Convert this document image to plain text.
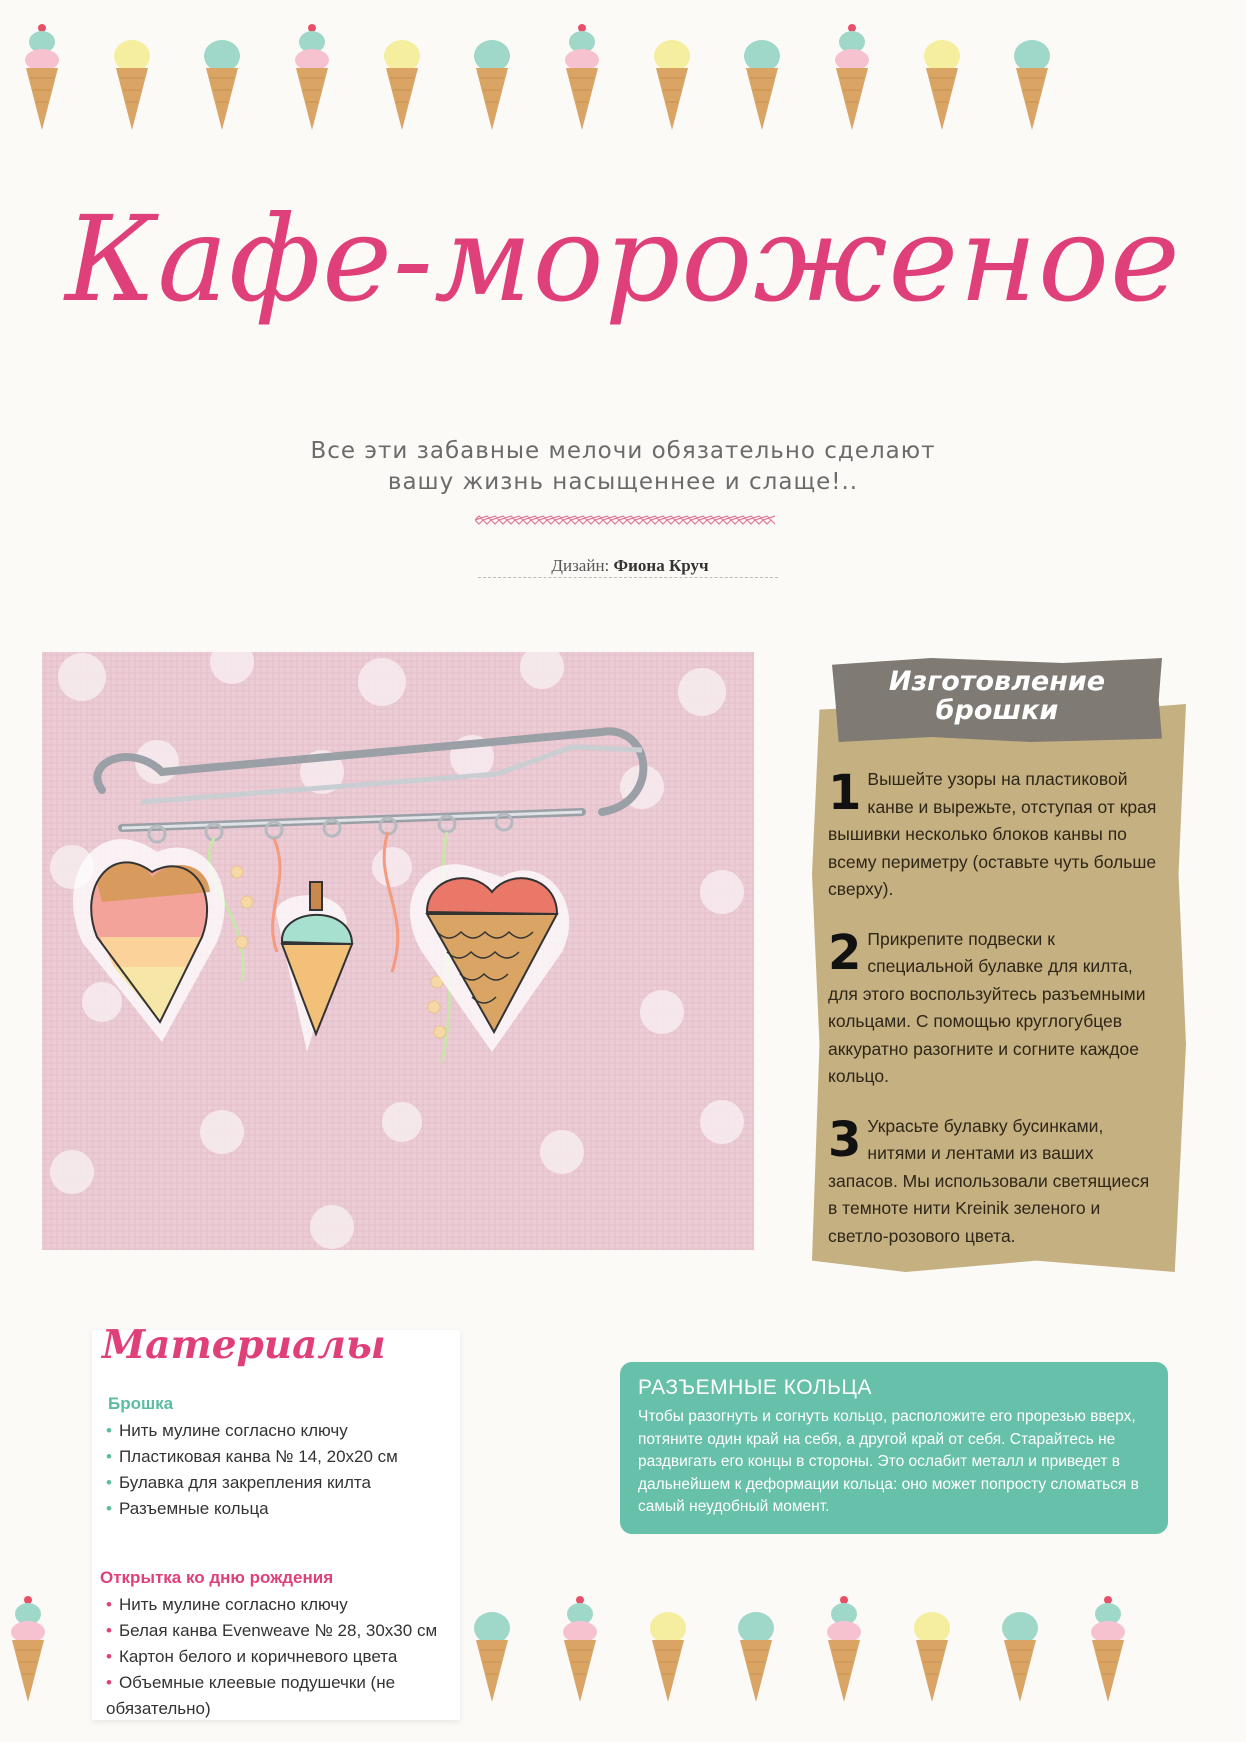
Кафе-мороженое
Все эти забавные мелочи обязательно сделают
вашу жизнь насыщеннее и слаще!..
Дизайн: Фиона Круч
Изготовление
брошки
1 Вышейте узоры на пластиковой канве и вырежьте, отступая от края вышивки несколько блоков канвы по всему периметру (оставьте чуть больше сверху).
2 Прикрепите подвески к специальной булавке для килта, для этого воспользуйтесь разъемными кольцами. С помощью круглогубцев аккуратно разогните и согните каждое кольцо.
3 Украсьте булавку бусинками, нитями и лентами из ваших запасов. Мы использовали светящиеся в темноте нити Kreinik зеленого и светло-розового цвета.
Материалы
Брошка
• Нить мулине согласно ключу
• Пластиковая канва № 14, 20x20 см
• Булавка для закрепления килта
• Разъемные кольца
Открытка ко дню рождения
• Нить мулине согласно ключу
• Белая канва Evenweave № 28, 30x30 см
• Картон белого и коричневого цвета
• Объемные клеевые подушечки (не обязательно)
РАЗЪЕМНЫЕ КОЛЬЦА
Чтобы разогнуть и согнуть кольцо, расположите его прорезью вверх, потяните один край на себя, а другой край от себя. Старайтесь не раздвигать его концы в стороны. Это ослабит металл и приведет в дальнейшем к деформации кольца: оно может попросту сломаться в самый неудобный момент.
